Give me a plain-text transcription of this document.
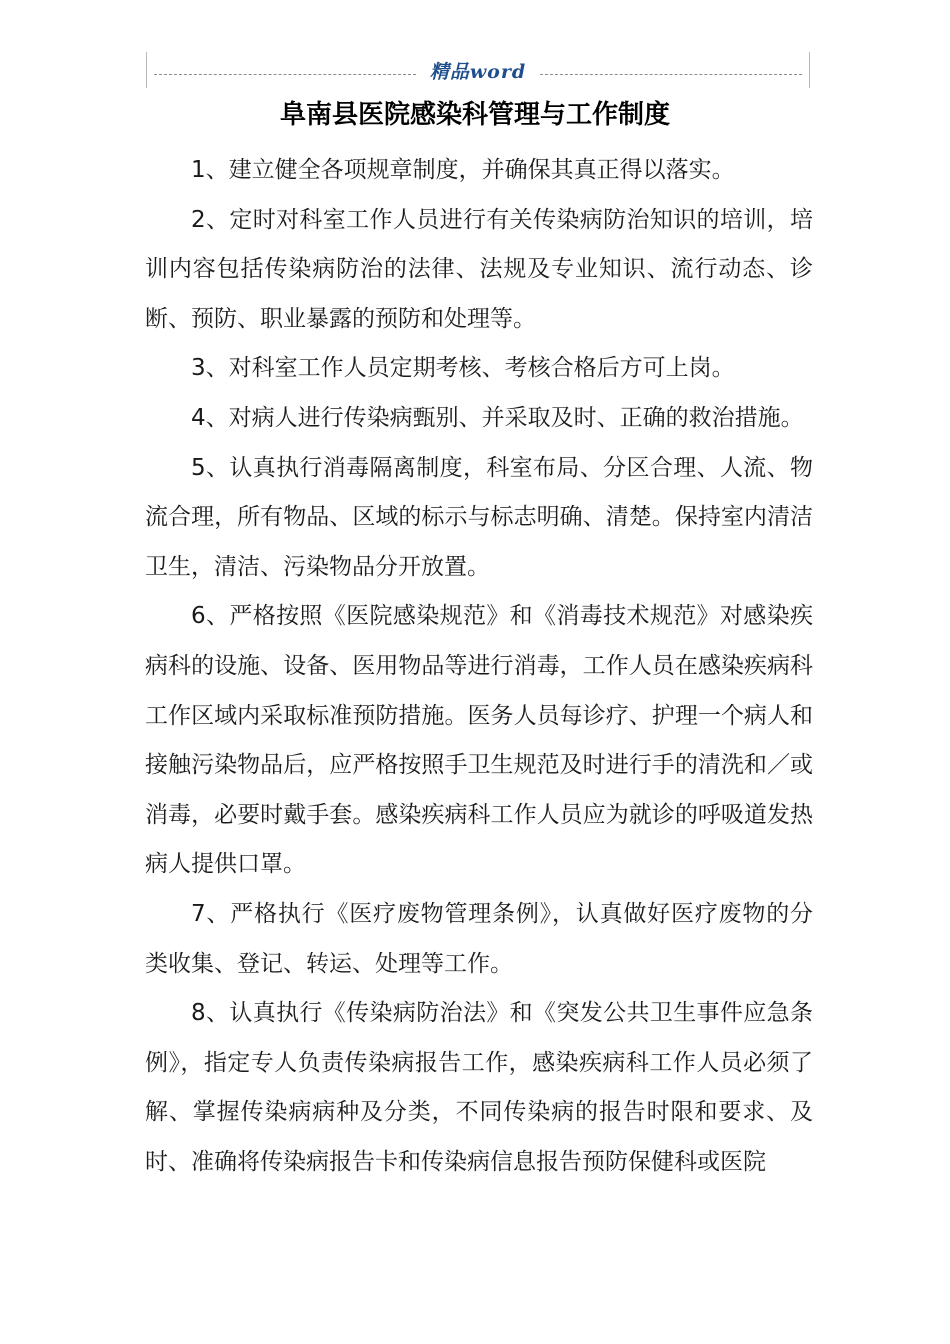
精品word
阜南县医院感染科管理与工作制度

1、建立健全各项规章制度，并确保其真正得以落实。

2、定时对科室工作人员进行有关传染病防治知识的培训，培训内容包括传染病防治的法律、法规及专业知识、流行动态、诊断、预防、职业暴露的预防和处理等。

3、对科室工作人员定期考核、考核合格后方可上岗。

4、对病人进行传染病甄别、并采取及时、正确的救治措施。

5、认真执行消毒隔离制度，科室布局、分区合理、人流、物流合理，所有物品、区域的标示与标志明确、清楚。保持室内清洁卫生，清洁、污染物品分开放置。

6、严格按照《医院感染规范》和《消毒技术规范》对感染疾病科的设施、设备、医用物品等进行消毒，工作人员在感染疾病科工作区域内采取标准预防措施。医务人员每诊疗、护理一个病人和接触污染物品后，应严格按照手卫生规范及时进行手的清洗和／或消毒，必要时戴手套。感染疾病科工作人员应为就诊的呼吸道发热病人提供口罩。

7、严格执行《医疗废物管理条例》，认真做好医疗废物的分类收集、登记、转运、处理等工作。

8、认真执行《传染病防治法》和《突发公共卫生事件应急条例》，指定专人负责传染病报告工作，感染疾病科工作人员必须了解、掌握传染病病种及分类，不同传染病的报告时限和要求、及时、准确将传染病报告卡和传染病信息报告预防保健科或医院
